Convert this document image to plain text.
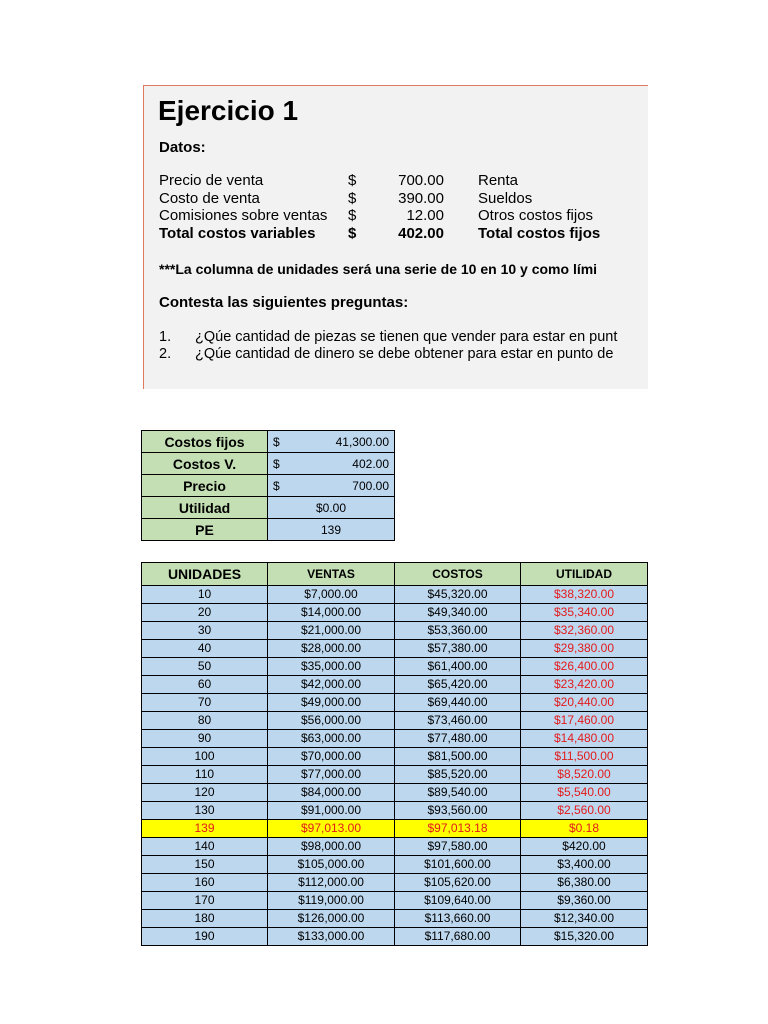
Ejercicio 1
Datos:
Precio de venta	$	700.00 Renta
Costo de venta	$	390.00 Sueldos
Comisiones sobre ventas $	12.00 Otros costos fijos
Total costos variables $	402.00 Total costos fijos
***La columna de unidades será una serie de 10 en 10 y como lími
Contesta las siguientes preguntas:
1. ¿Qúe cantidad de piezas se tienen que vender para estar en punt
2. ¿Qúe cantidad de dinero se debe obtener para estar en punto de
Costos fijos	$ 41,300.00

Costos V.	$ 402.00

Precio	$ 700.00

Utilidad	$0.00
PE	139
UNIDADES	VENTAS	COSTOS	UTILIDAD
10	$7,000.00	$45,320.00	$38,320.00
20	$14,000.00	$49,340.00	$35,340.00
30	$21,000.00	$53,360.00	$32,360.00
40	$28,000.00	$57,380.00	$29,380.00
50	$35,000.00	$61,400.00	$26,400.00
60	$42,000.00	$65,420.00	$23,420.00
70	$49,000.00	$69,440.00	$20,440.00
80	$56,000.00	$73,460.00	$17,460.00
90	$63,000.00	$77,480.00	$14,480.00
100	$70,000.00	$81,500.00	$11,500.00
110	$77,000.00	$85,520.00	$8,520.00
120	$84,000.00	$89,540.00	$5,540.00
130	$91,000.00	$93,560.00	$2,560.00
139	$97,013.00	$97,013.18	$0.18
140	$98,000.00	$97,580.00	$420.00
150	$105,000.00	$101,600.00	$3,400.00
160	$112,000.00	$105,620.00	$6,380.00
170	$119,000.00	$109,640.00	$9,360.00
180	$126,000.00	$113,660.00	$12,340.00
190	$133,000.00	$117,680.00	$15,320.00
